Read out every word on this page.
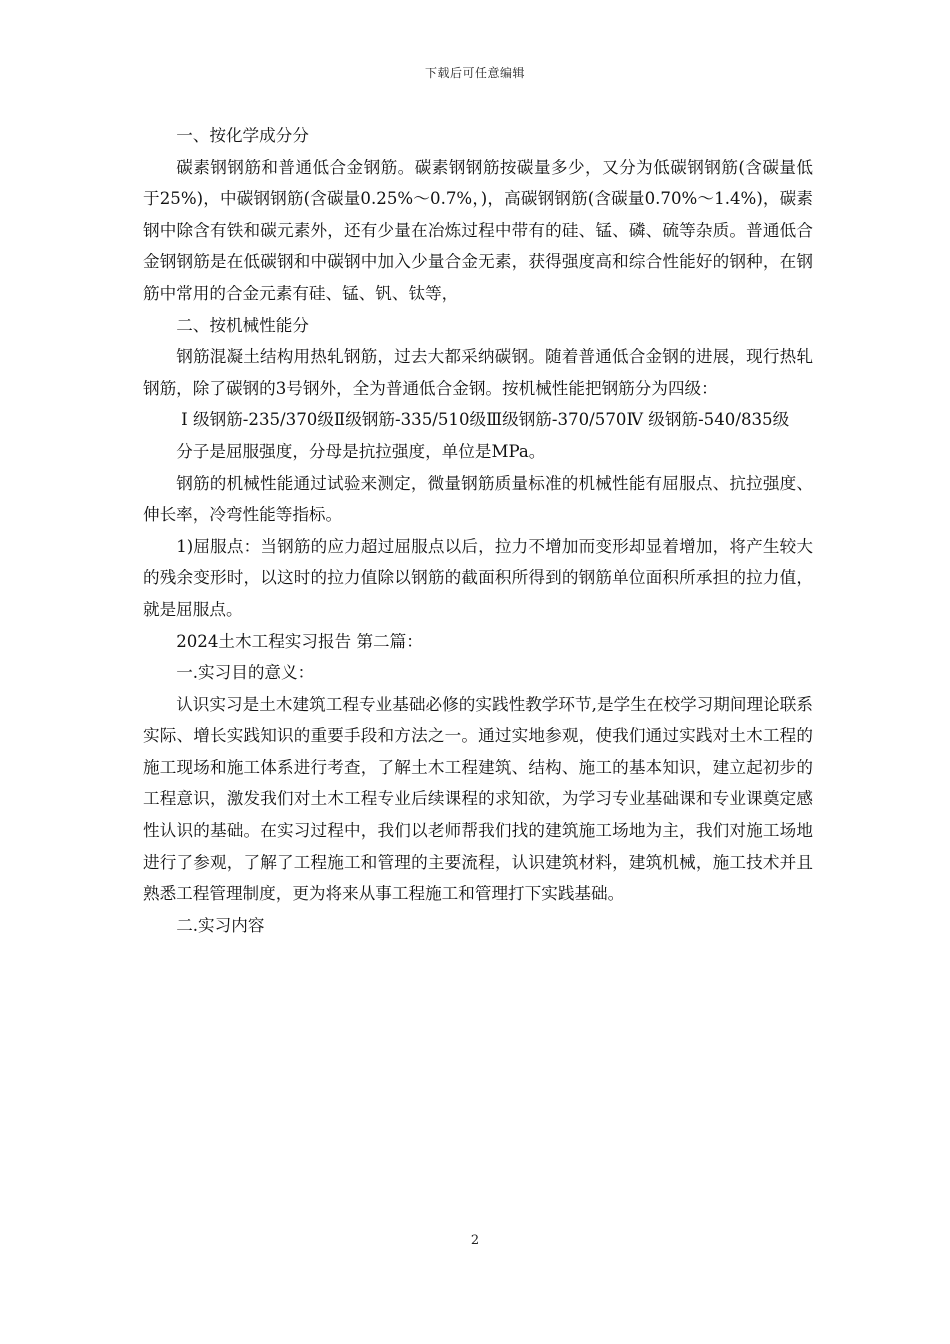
下载后可任意编辑

一、按化学成分分

碳素钢钢筋和普通低合金钢筋。碳素钢钢筋按碳量多少，又分为低碳钢钢筋(含碳量低于25%)，中碳钢钢筋(含碳量0.25%～0.7%，)，高碳钢钢筋(含碳量0.70%～1.4%)，碳素钢中除含有铁和碳元素外，还有少量在冶炼过程中带有的硅、锰、磷、硫等杂质。普通低合金钢钢筋是在低碳钢和中碳钢中加入少量合金无素，获得强度高和综合性能好的钢种，在钢筋中常用的合金元素有硅、锰、钒、钛等，

二、按机械性能分

钢筋混凝土结构用热轧钢筋，过去大都采纳碳钢。随着普通低合金钢的进展，现行热轧钢筋，除了碳钢的3号钢外，全为普通低合金钢。按机械性能把钢筋分为四级：

Ⅰ 级钢筋-235/370级Ⅱ级钢筋-335/510级Ⅲ级钢筋-370/570Ⅳ 级钢筋-540/835级

分子是屈服强度，分母是抗拉强度，单位是MPa。

钢筋的机械性能通过试验来测定，微量钢筋质量标准的机械性能有屈服点、抗拉强度、伸长率，冷弯性能等指标。

1)屈服点：当钢筋的应力超过屈服点以后，拉力不增加而变形却显着增加，将产生较大的残余变形时，以这时的拉力值除以钢筋的截面积所得到的钢筋单位面积所承担的拉力值，就是屈服点。

2024土木工程实习报告 第二篇：

一.实习目的意义：

认识实习是土木建筑工程专业基础必修的实践性教学环节,是学生在校学习期间理论联系实际、增长实践知识的重要手段和方法之一。通过实地参观，使我们通过实践对土木工程的施工现场和施工体系进行考查，了解土木工程建筑、结构、施工的基本知识，建立起初步的工程意识，激发我们对土木工程专业后续课程的求知欲，为学习专业基础课和专业课奠定感性认识的基础。在实习过程中，我们以老师帮我们找的建筑施工场地为主，我们对施工场地进行了参观，了解了工程施工和管理的主要流程，认识建筑材料，建筑机械，施工技术并且熟悉工程管理制度，更为将来从事工程施工和管理打下实践基础。

二.实习内容

2
